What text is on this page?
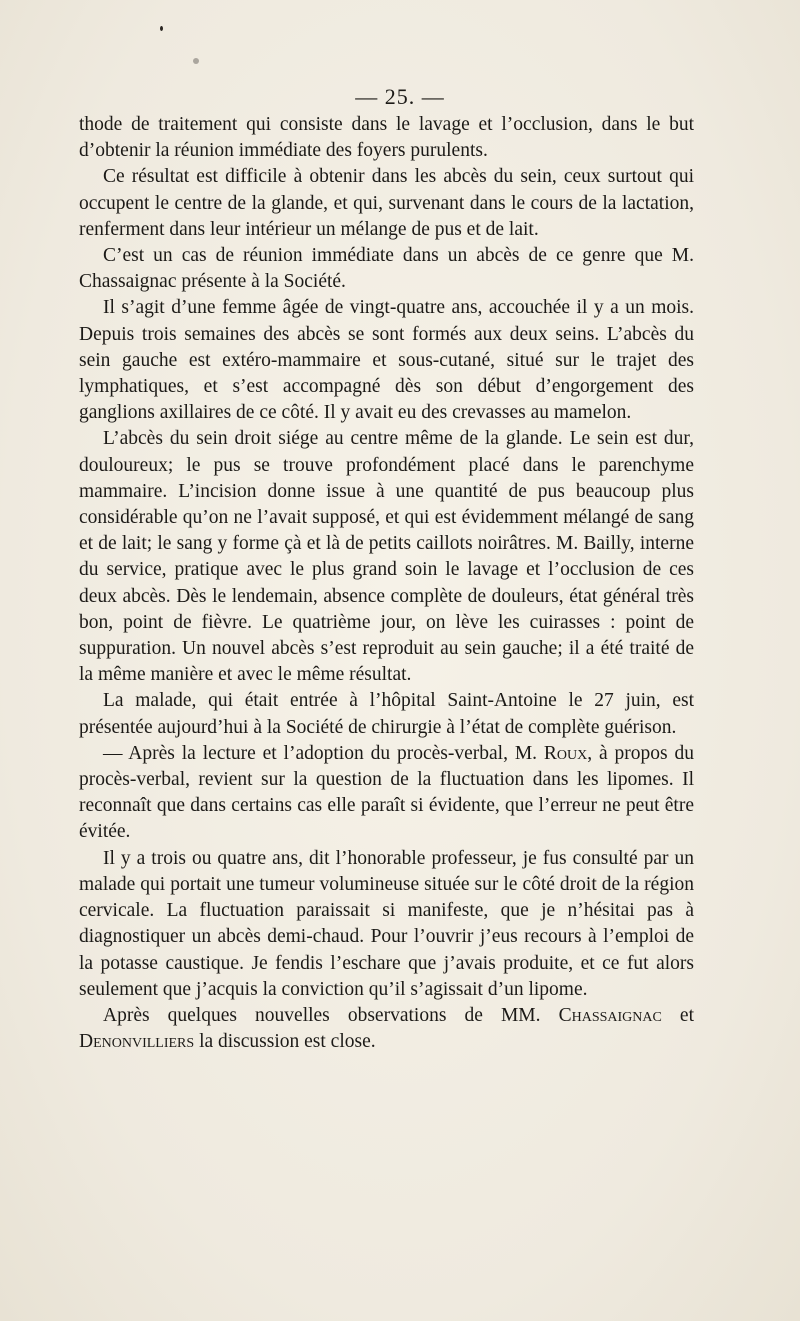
— 25. —

thode de traitement qui consiste dans le lavage et l’occlusion, dans le but d’obtenir la réunion immédiate des foyers purulents.

Ce résultat est difficile à obtenir dans les abcès du sein, ceux surtout qui occupent le centre de la glande, et qui, survenant dans le cours de la lactation, renferment dans leur intérieur un mélange de pus et de lait.

C’est un cas de réunion immédiate dans un abcès de ce genre que M. Chassaignac présente à la Société.

Il s’agit d’une femme âgée de vingt-quatre ans, accouchée il y a un mois. Depuis trois semaines des abcès se sont formés aux deux seins. L’abcès du sein gauche est extéro-mammaire et sous-cutané, situé sur le trajet des lymphatiques, et s’est accompagné dès son début d’engorgement des ganglions axillaires de ce côté. Il y avait eu des crevasses au mamelon.

L’abcès du sein droit siége au centre même de la glande. Le sein est dur, douloureux; le pus se trouve profondément placé dans le parenchyme mammaire. L’incision donne issue à une quantité de pus beaucoup plus considérable qu’on ne l’avait supposé, et qui est évidemment mélangé de sang et de lait; le sang y forme çà et là de petits caillots noirâtres. M. Bailly, interne du service, pratique avec le plus grand soin le lavage et l’occlusion de ces deux abcès. Dès le lendemain, absence complète de douleurs, état général très bon, point de fièvre. Le quatrième jour, on lève les cuirasses : point de suppuration. Un nouvel abcès s’est reproduit au sein gauche; il a été traité de la même manière et avec le même résultat.

La malade, qui était entrée à l’hôpital Saint-Antoine le 27 juin, est présentée aujourd’hui à la Société de chirurgie à l’état de complète guérison.

— Après la lecture et l’adoption du procès-verbal, M. Roux, à propos du procès-verbal, revient sur la question de la fluctuation dans les lipomes. Il reconnaît que dans certains cas elle paraît si évidente, que l’erreur ne peut être évitée.

Il y a trois ou quatre ans, dit l’honorable professeur, je fus consulté par un malade qui portait une tumeur volumineuse située sur le côté droit de la région cervicale. La fluctuation paraissait si manifeste, que je n’hésitai pas à diagnostiquer un abcès demi-chaud. Pour l’ouvrir j’eus recours à l’emploi de la potasse caustique. Je fendis l’eschare que j’avais produite, et ce fut alors seulement que j’acquis la conviction qu’il s’agissait d’un lipome.

Après quelques nouvelles observations de MM. Chassaignac et Denonvilliers la discussion est close.
